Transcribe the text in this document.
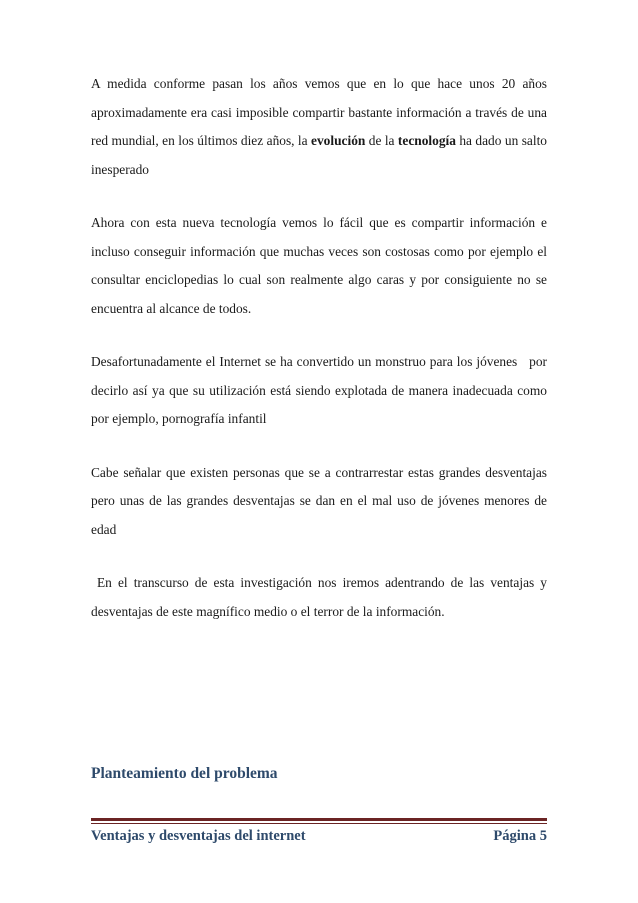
A medida conforme pasan los años vemos que en lo que hace unos 20 años aproximadamente era casi imposible compartir bastante información a través de una red mundial, en los últimos diez años, la evolución de la tecnología ha dado un salto inesperado

Ahora con esta nueva tecnología vemos lo fácil que es compartir información e incluso conseguir información que muchas veces son costosas como por ejemplo el consultar enciclopedias lo cual son realmente algo caras y por consiguiente no se encuentra al alcance de todos.

Desafortunadamente el Internet se ha convertido un monstruo para los jóvenes   por decirlo así ya que su utilización está siendo explotada de manera inadecuada como por ejemplo, pornografía infantil

Cabe señalar que existen personas que se a contrarrestar estas grandes desventajas pero unas de las grandes desventajas se dan en el mal uso de jóvenes menores de edad

En el transcurso de esta investigación nos iremos adentrando de las ventajas y desventajas de este magnífico medio o el terror de la información.

Planteamiento del problema
Ventajas y desventajas del internet	Página 5
